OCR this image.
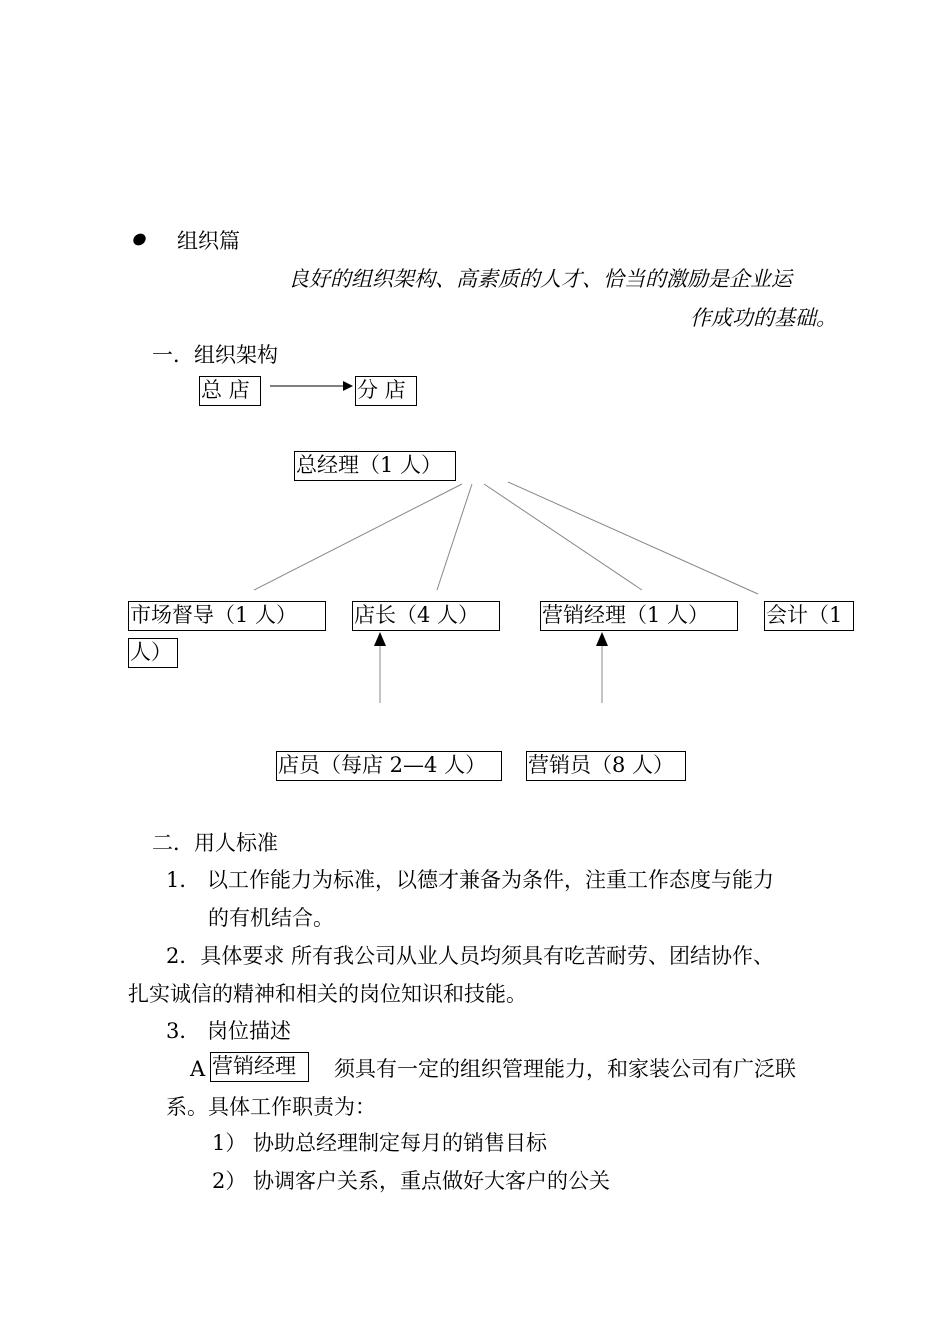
组织篇
良好的组织架构、高素质的人才、恰当的激励是企业运
作成功的基础。
一．组织架构
总 店	分 店
总经理（1 人）
市场督导（1 人）
人）
店长（4 人）	营销经理（1 人）	会计（1
店员（每店 2—4 人）	营销员（8 人）
二．用人标准
1． 以工作能力为标准，以德才兼备为条件，注重工作态度与能力
的有机结合。
2．具体要求 所有我公司从业人员均须具有吃苦耐劳、团结协作、
扎实诚信的精神和相关的岗位知识和技能。
3． 岗位描述
A 营销经理	须具有一定的组织管理能力，和家装公司有广泛联
系。具体工作职责为：
1） 协助总经理制定每月的销售目标
2） 协调客户关系，重点做好大客户的公关
